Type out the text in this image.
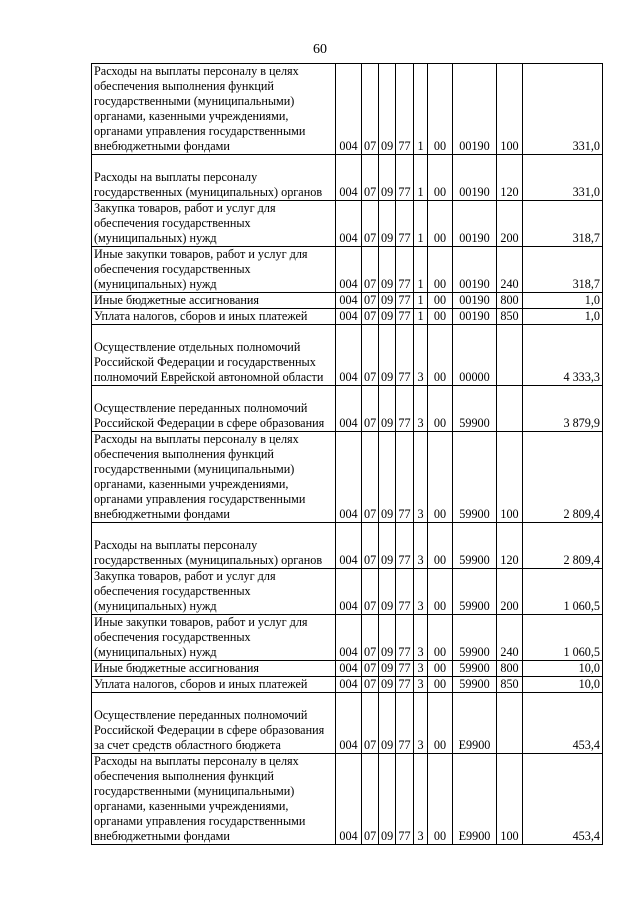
60
Расходы на выплаты персоналу в целях обеспечения выполнения функций государственными (муниципальными) органами, казенными учреждениями, органами управления государственными внебюджетными фондами	004	07	09	77	1	00	00190	100	331,0
Расходы на выплаты персоналу государственных (муниципальных) органов	004	07	09	77	1	00	00190	120	331,0
Закупка товаров, работ и услуг для обеспечения государственных (муниципальных) нужд	004	07	09	77	1	00	00190	200	318,7
Иные закупки товаров, работ и услуг для обеспечения государственных (муниципальных) нужд	004	07	09	77	1	00	00190	240	318,7
Иные бюджетные ассигнования	004	07	09	77	1	00	00190	800	1,0
Уплата налогов, сборов и иных платежей	004	07	09	77	1	00	00190	850	1,0
Осуществление отдельных полномочий Российской Федерации и государственных полномочий Еврейской автономной области	004	07	09	77	3	00	00000		4 333,3
Осуществление переданных полномочий Российской Федерации в сфере образования	004	07	09	77	3	00	59900		3 879,9
Расходы на выплаты персоналу в целях обеспечения выполнения функций государственными (муниципальными) органами, казенными учреждениями, органами управления государственными внебюджетными фондами	004	07	09	77	3	00	59900	100	2 809,4
Расходы на выплаты персоналу государственных (муниципальных) органов	004	07	09	77	3	00	59900	120	2 809,4
Закупка товаров, работ и услуг для обеспечения государственных (муниципальных) нужд	004	07	09	77	3	00	59900	200	1 060,5
Иные закупки товаров, работ и услуг для обеспечения государственных (муниципальных) нужд	004	07	09	77	3	00	59900	240	1 060,5
Иные бюджетные ассигнования	004	07	09	77	3	00	59900	800	10,0
Уплата налогов, сборов и иных платежей	004	07	09	77	3	00	59900	850	10,0
Осуществление переданных полномочий Российской Федерации в сфере образования за счет средств областного бюджета	004	07	09	77	3	00	E9900		453,4
Расходы на выплаты персоналу в целях обеспечения выполнения функций государственными (муниципальными) органами, казенными учреждениями, органами управления государственными внебюджетными фондами	004	07	09	77	3	00	E9900	100	453,4
